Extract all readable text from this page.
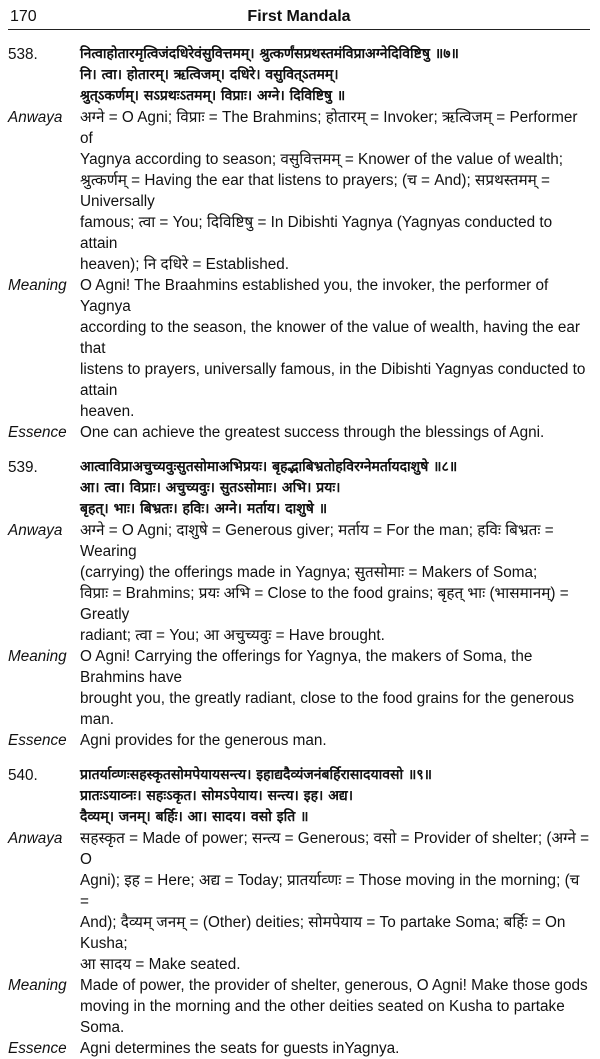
170	First Mandala
538.	नित्वाहोतारमृत्विजंदधिरेवंसुवित्तमम्। श्रुत्कर्णंसप्रथस्तमंविप्राअग्नेदिविष्टिषु ॥७॥
नि। त्वा। होतारम्। ऋत्विजम्। दधिरे। वसुवित्ऽतमम्।
श्रुत्ऽकर्णम्। सऽप्रथःऽतमम्। विप्राः। अग्ने। दिविष्टिषु ॥
Anwaya	अग्ने = O Agni; विप्राः = The Brahmins; होतारम् = Invoker; ऋत्विजम् = Performer of
Yagnya according to season; वसुवित्तमम् = Knower of the value of wealth;
श्रुत्कर्णम् = Having the ear that listens to prayers; (च = And); सप्रथस्तमम् = Universally
famous; त्वा = You; दिविष्टिषु = In Dibishti Yagnya (Yagnyas conducted to attain
heaven); नि दधिरे = Established.
Meaning O Agni! The Braahmins established you, the invoker, the performer of Yagnya
according to the season, the knower of the value of wealth, having the ear that
listens to prayers, universally famous, in the Dibishti Yagnyas conducted to attain
heaven.
Essence One can achieve the greatest success through the blessings of Agni.
539.	आत्वाविप्राअचुच्यवुःसुतसोमाअभिप्रयः। बृहद्भाबिभ्रतोहविरग्नेमर्तायदाशुषे ॥८॥
आ। त्वा। विप्राः। अचुच्यवुः। सुतऽसोमाः। अभि। प्रयः।
बृहत्। भाः। बिभ्रतः। हविः। अग्ने। मर्ताय। दाशुषे ॥
Anwaya	अग्ने = O Agni; दाशुषे = Generous giver; मर्ताय = For the man; हविः बिभ्रतः = Wearing
(carrying) the offerings made in Yagnya; सुतसोमाः = Makers of Soma;
विप्राः = Brahmins; प्रयः अभि = Close to the food grains; बृहत् भाः (भासमानम्) = Greatly
radiant; त्वा = You; आ अचुच्यवुः = Have brought.
Meaning O Agni! Carrying the offerings for Yagnya, the makers of Soma, the Brahmins have
brought you, the greatly radiant, close to the food grains for the generous man.
Essence Agni provides for the generous man.
540.	प्रातर्याव्णःसहस्कृतसोमपेयायसन्त्य। इहाद्यदैव्यंजनंबर्हिरासादयावसो ॥९॥
प्रातःऽयाव्नः। सहःऽकृत। सोमऽपेयाय। सन्त्य। इह। अद्य।
दैव्यम्। जनम्। बर्हिः। आ। सादय। वसो इति ॥
Anwaya	सहस्कृत = Made of power; सन्त्य = Generous; वसो = Provider of shelter; (अग्ने = O
Agni); इह = Here; अद्य = Today; प्रातर्याव्णः = Those moving in the morning; (च =
And); दैव्यम् जनम् = (Other) deities; सोमपेयाय = To partake Soma; बर्हिः = On Kusha;
आ सादय = Make seated.
Meaning Made of power, the provider of shelter, generous, O Agni! Make those gods
moving in the morning and the other deities seated on Kusha to partake Soma.
Essence Agni determines the seats for guests inYagnya.
